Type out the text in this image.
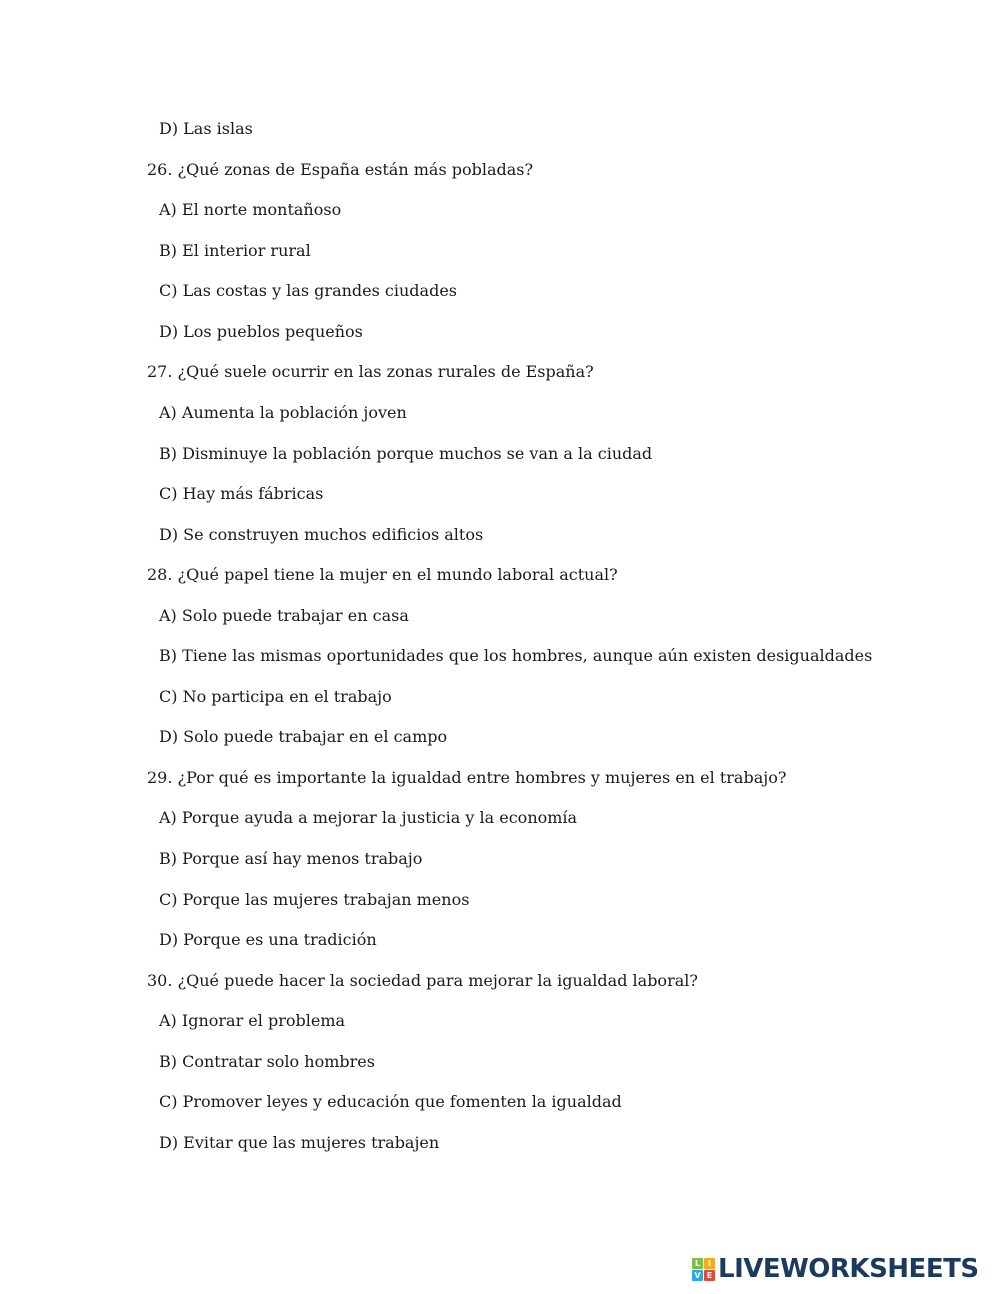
D) Las islas
26. ¿Qué zonas de España están más pobladas?
A) El norte montañoso
B) El interior rural
C) Las costas y las grandes ciudades
D) Los pueblos pequeños
27. ¿Qué suele ocurrir en las zonas rurales de España?
A) Aumenta la población joven
B) Disminuye la población porque muchos se van a la ciudad
C) Hay más fábricas
D) Se construyen muchos edificios altos
28. ¿Qué papel tiene la mujer en el mundo laboral actual?
A) Solo puede trabajar en casa
B) Tiene las mismas oportunidades que los hombres, aunque aún existen desigualdades
C) No participa en el trabajo
D) Solo puede trabajar en el campo
29. ¿Por qué es importante la igualdad entre hombres y mujeres en el trabajo?
A) Porque ayuda a mejorar la justicia y la economía
B) Porque así hay menos trabajo
C) Porque las mujeres trabajan menos
D) Porque es una tradición
30. ¿Qué puede hacer la sociedad para mejorar la igualdad laboral?
A) Ignorar el problema
B) Contratar solo hombres
C) Promover leyes y educación que fomenten la igualdad
D) Evitar que las mujeres trabajen
L I
V E LIVEWORKSHEETS
